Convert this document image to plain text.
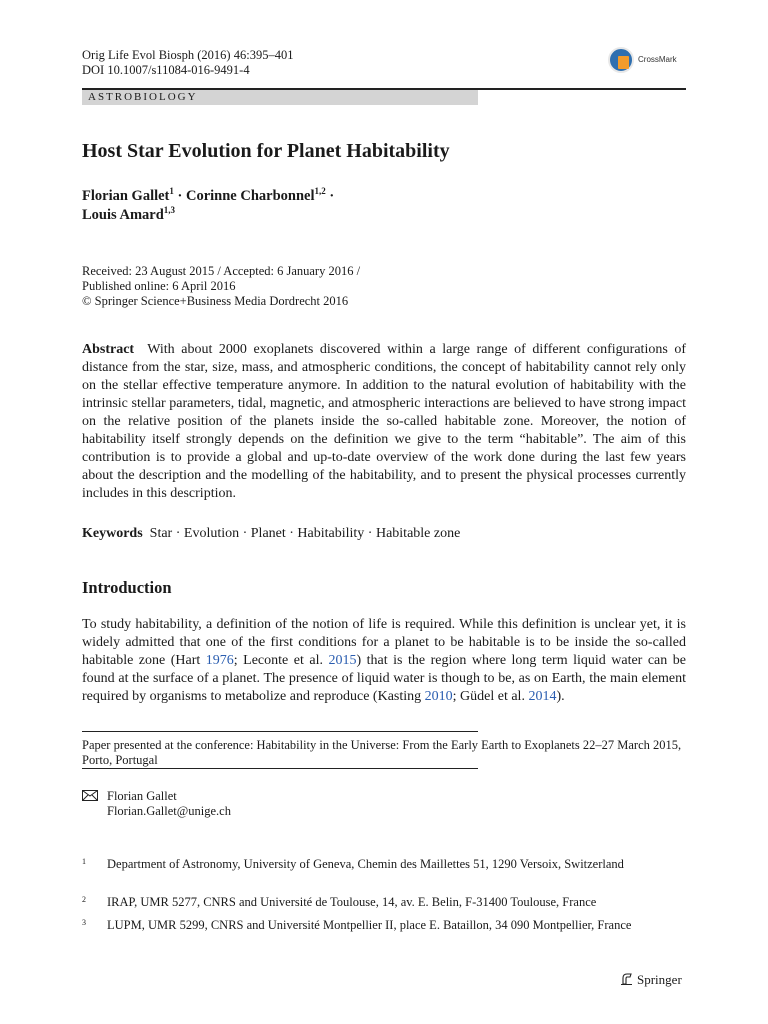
Orig Life Evol Biosph (2016) 46:395–401
DOI 10.1007/s11084-016-9491-4
CrossMark
ASTROBIOLOGY
Host Star Evolution for Planet Habitability
Florian Gallet$^1$ · Corinne Charbonnel$^{1,2}$ ·
Louis Amard$^{1,3}$
Received: 23 August 2015 / Accepted: 6 January 2016 /
Published online: 6 April 2016
© Springer Science+Business Media Dordrecht 2016
Abstract With about 2000 exoplanets discovered within a large range of different configurations of distance from the star, size, mass, and atmospheric conditions, the concept of habitability cannot rely only on the stellar effective temperature anymore. In addition to the natural evolution of habitability with the intrinsic stellar parameters, tidal, magnetic, and atmospheric interactions are believed to have strong impact on the relative position of the planets inside the so-called habitable zone. Moreover, the notion of habitability itself strongly depends on the definition we give to the term “habitable”. The aim of this contribution is to provide a global and up-to-date overview of the work done during the last few years about the description and the modelling of the habitability, and to present the physical processes currently includes in this description.
Keywords Star · Evolution · Planet · Habitability · Habitable zone
Introduction
To study habitability, a definition of the notion of life is required. While this definition is unclear yet, it is widely admitted that one of the first conditions for a planet to be habitable is to be inside the so-called habitable zone (Hart 1976; Leconte et al. 2015) that is the region where long term liquid water can be found at the surface of a planet. The presence of liquid water is though to be, as on Earth, the main element required by organisms to metabolize and reproduce (Kasting 2010; Güdel et al. 2014).
Paper presented at the conference: Habitability in the Universe: From the Early Earth to Exoplanets 22–27 March 2015, Porto, Portugal
Florian Gallet
Florian.Gallet@unige.ch
1 Department of Astronomy, University of Geneva, Chemin des Maillettes 51, 1290 Versoix, Switzerland
2 IRAP, UMR 5277, CNRS and Université de Toulouse, 14, av. E. Belin, F-31400 Toulouse, France
3 LUPM, UMR 5299, CNRS and Université Montpellier II, place E. Bataillon, 34 090 Montpellier, France
Springer
